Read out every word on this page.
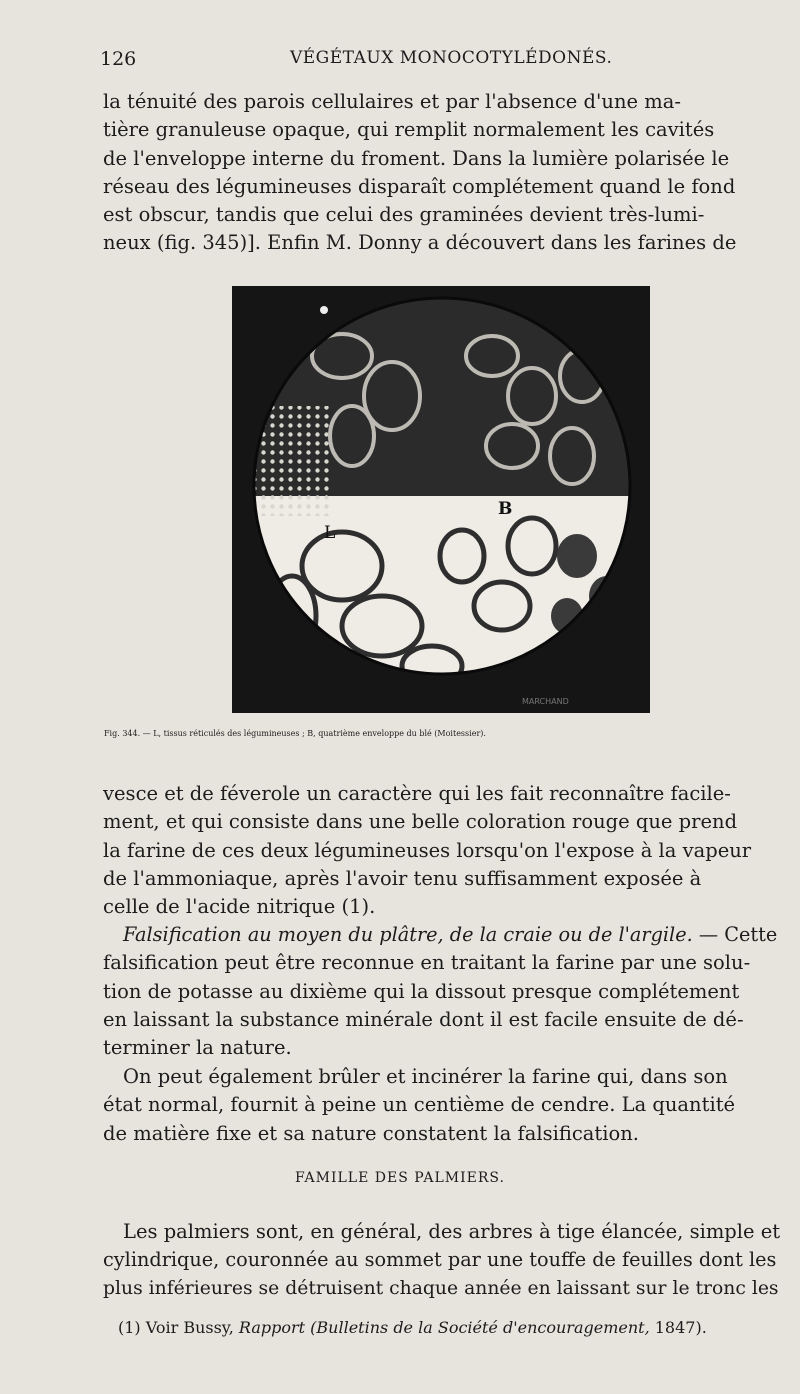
126	VÉGÉTAUX MONOCOTYLÉDONÉS.
la ténuité des parois cellulaires et par l'absence d'une ma-
tière granuleuse opaque, qui remplit normalement les cavités
de l'enveloppe interne du froment. Dans la lumière polarisée le
réseau des légumineuses disparaît complétement quand le fond
est obscur, tandis que celui des graminées devient très-lumi-
neux (fig. 345)]. Enfin M. Donny a découvert dans les farines de
L
B
MARCHAND
Fig. 344. — L, tissus réticulés des légumineuses ; B, quatrième enveloppe du blé (Moitessier).
vesce et de féverole un caractère qui les fait reconnaître facile-
ment, et qui consiste dans une belle coloration rouge que prend
la farine de ces deux légumineuses lorsqu'on l'expose à la vapeur
de l'ammoniaque, après l'avoir tenu suffisamment exposée à
celle de l'acide nitrique (1).
Falsification au moyen du plâtre, de la craie ou de l'argile. — Cette
falsification peut être reconnue en traitant la farine par une solu-
tion de potasse au dixième qui la dissout presque complétement
en laissant la substance minérale dont il est facile ensuite de dé-
terminer la nature.
On peut également brûler et incinérer la farine qui, dans son
état normal, fournit à peine un centième de cendre. La quantité
de matière fixe et sa nature constatent la falsification.
FAMILLE DES PALMIERS.
Les palmiers sont, en général, des arbres à tige élancée, simple et
cylindrique, couronnée au sommet par une touffe de feuilles dont les
plus inférieures se détruisent chaque année en laissant sur le tronc les
(1) Voir Bussy, Rapport (Bulletins de la Société d'encouragement, 1847).
